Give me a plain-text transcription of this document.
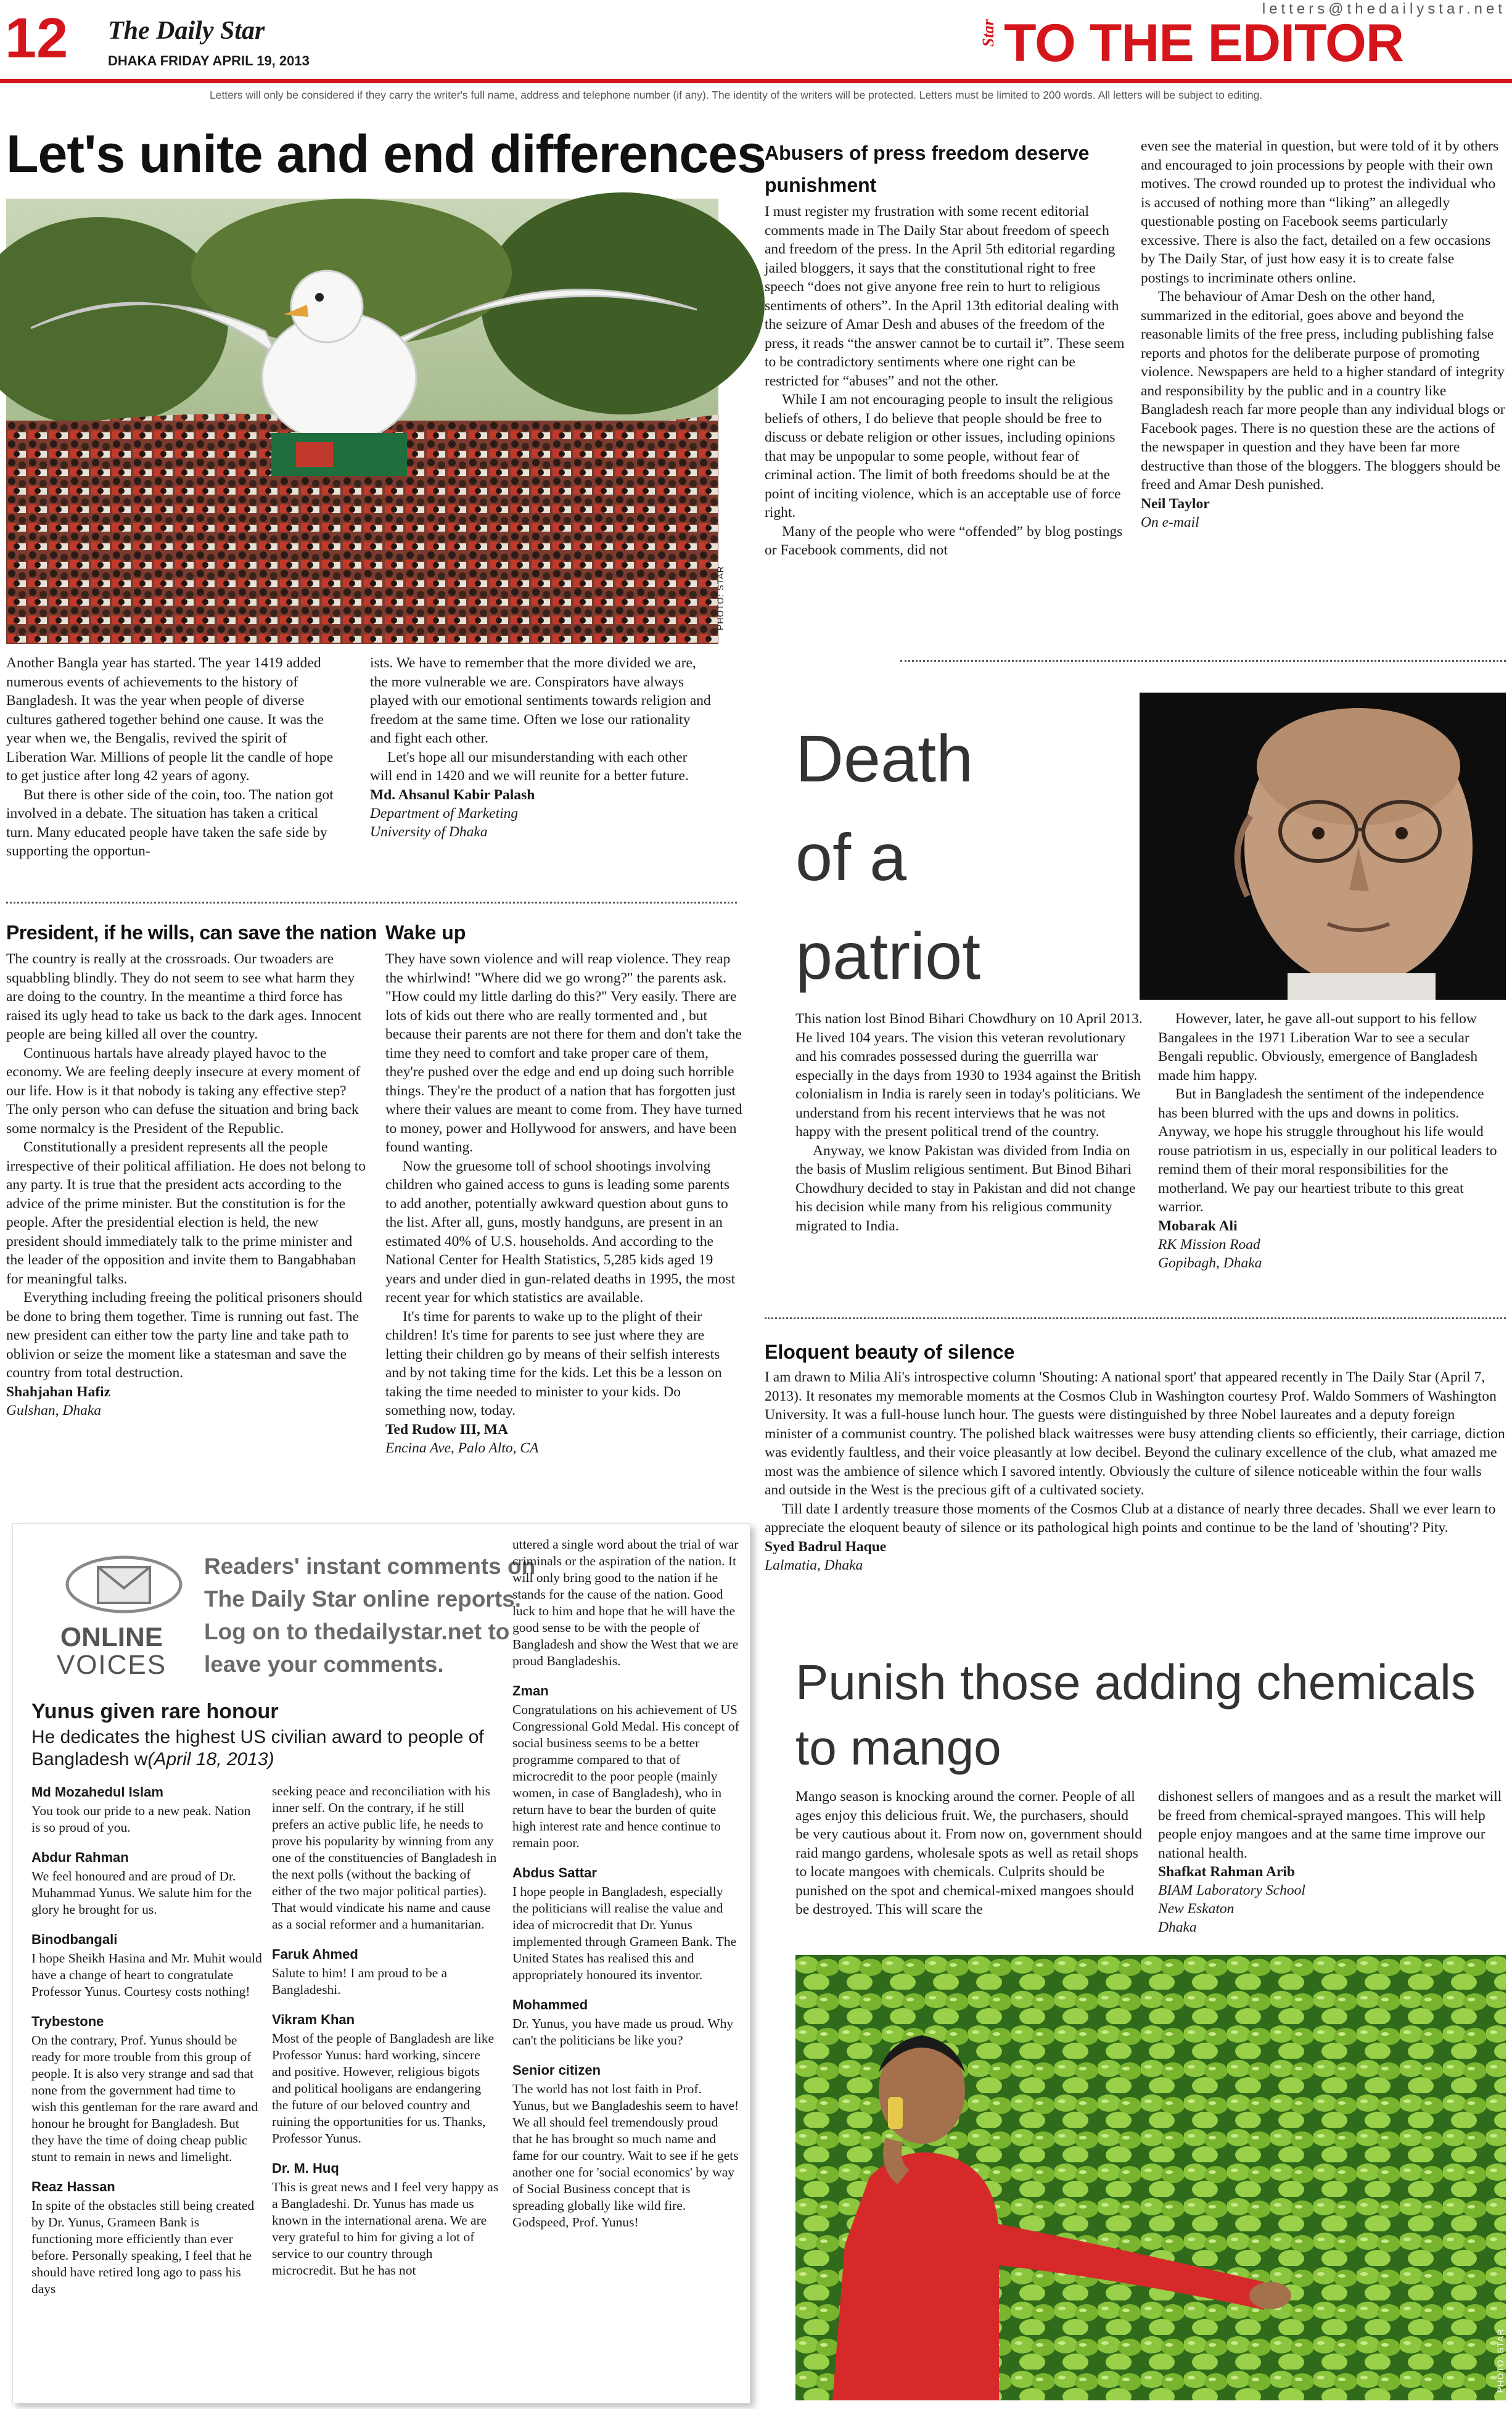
12 The Daily Star
DHAKA FRIDAY APRIL 19, 2013
letters@thedailystar.net
Star TO THE EDITOR
Letters will only be considered if they carry the writer's full name, address and telephone number (if any). The identity of the writers will be protected. Letters must be limited to 200 words. All letters will be subject to editing.
Let's unite and end differences
PHOTO: STAR

Another Bangla year has started. The year 1419 added numerous events of achievements to the history of Bangladesh. It was the year when people of diverse cultures gathered together behind one cause. It was the year when we, the Bengalis, revived the spirit of Liberation War. Millions of people lit the candle of hope to get justice after long 42 years of agony.

But there is other side of the coin, too. The nation got involved in a debate. The situation has taken a critical turn. Many educated people have taken the safe side by supporting the opportun-

ists. We have to remember that the more divided we are, the more vulnerable we are. Conspirators have always played with our emotional sentiments towards religion and freedom at the same time. Often we lose our rationality and fight each other.

Let's hope all our misunderstanding with each other will end in 1420 and we will reunite for a better future.

Md. Ahsanul Kabir Palash
Department of Marketing
University of Dhaka
President, if he wills, can save the nation

The country is really at the crossroads. Our twoaders are squabbling blindly. They do not seem to see what harm they are doing to the country. In the meantime a third force has raised its ugly head to take us back to the dark ages. Innocent people are being killed all over the country.

Continuous hartals have already played havoc to the economy. We are feeling deeply insecure at every moment of our life. How is it that nobody is taking any effective step? The only person who can defuse the situation and bring back some normalcy is the President of the Republic.

Constitutionally a president represents all the people irrespective of their political affiliation. He does not belong to any party. It is true that the president acts according to the advice of the prime minister. But the constitution is for the people. After the presidential election is held, the new president should immediately talk to the prime minister and the leader of the opposition and invite them to Bangabhaban for meaningful talks.

Everything including freeing the political prisoners should be done to bring them together. Time is running out fast. The new president can either tow the party line and take path to oblivion or seize the moment like a statesman and save the country from total destruction.

Shahjahan Hafiz
Gulshan, Dhaka
Wake up

They have sown violence and will reap violence. They reap the whirlwind! "Where did we go wrong?" the parents ask. "How could my little darling do this?" Very easily. There are lots of kids out there who are really tormented and , but because their parents are not there for them and don't take the time they need to comfort and take proper care of them, they're pushed over the edge and end up doing such horrible things. They're the product of a nation that has forgotten just where their values are meant to come from. They have turned to money, power and Hollywood for answers, and have been found wanting.

Now the gruesome toll of school shootings involving children who gained access to guns is leading some parents to add another, potentially awkward question about guns to the list. After all, guns, mostly handguns, are present in an estimated 40% of U.S. households. And according to the National Center for Health Statistics, 5,285 kids aged 19 years and under died in gun-related deaths in 1995, the most recent year for which statistics are available.

It's time for parents to wake up to the plight of their children! It's time for parents to see just where they are letting their children go by means of their selfish interests and by not taking time for the kids. Let this be a lesson on taking the time needed to minister to your kids. Do something now, today.

Ted Rudow III, MA
Encina Ave, Palo Alto, CA
Abusers of press freedom deserve punishment

I must register my frustration with some recent editorial comments made in The Daily Star about freedom of speech and freedom of the press. In the April 5th editorial regarding jailed bloggers, it says that the constitutional right to free speech “does not give anyone free rein to hurt to religious sentiments of others”. In the April 13th editorial dealing with the seizure of Amar Desh and abuses of the freedom of the press, it reads “the answer cannot be to curtail it”. These seem to be contradictory sentiments where one right can be restricted for “abuses” and not the other.

While I am not encouraging people to insult the religious beliefs of others, I do believe that people should be free to discuss or debate religion or other issues, including opinions that may be unpopular to some people, without fear of criminal action. The limit of both freedoms should be at the point of inciting violence, which is an acceptable use of force right.

Many of the people who were “offended” by blog postings or Facebook comments, did not

even see the material in question, but were told of it by others and encouraged to join processions by people with their own motives. The crowd rounded up to protest the individual who is accused of nothing more than “liking” an allegedly questionable posting on Facebook seems particularly excessive. There is also the fact, detailed on a few occasions by The Daily Star, of just how easy it is to create false postings to incriminate others online.

The behaviour of Amar Desh on the other hand, summarized in the editorial, goes above and beyond the reasonable limits of the free press, including publishing false reports and photos for the deliberate purpose of promoting violence. Newspapers are held to a higher standard of integrity and responsibility by the public and in a country like Bangladesh reach far more people than any individual blogs or Facebook pages. There is no question these are the actions of the newspaper in question and they have been far more destructive than those of the bloggers. The bloggers should be freed and Amar Desh punished.

Neil Taylor
On e-mail
Death
of a
patriot

This nation lost Binod Bihari Chowdhury on 10 April 2013. He lived 104 years. The vision this veteran revolutionary and his comrades possessed during the guerrilla war especially in the days from 1930 to 1934 against the British colonialism in India is rarely seen in today's politicians. We understand from his recent interviews that he was not happy with the present political trend of the country.

Anyway, we know Pakistan was divided from India on the basis of Muslim religious sentiment. But Binod Bihari Chowdhury decided to stay in Pakistan and did not change his decision while many from his religious community migrated to India.

However, later, he gave all-out support to his fellow Bangalees in the 1971 Liberation War to see a secular Bengali republic. Obviously, emergence of Bangladesh made him happy.

But in Bangladesh the sentiment of the independence has been blurred with the ups and downs in politics. Anyway, we hope his struggle throughout his life would rouse patriotism in us, especially in our political leaders to remind them of their moral responsibilities for the motherland. We pay our heartiest tribute to this great warrior.

Mobarak Ali
RK Mission Road
Gopibagh, Dhaka
Eloquent beauty of silence

I am drawn to Milia Ali's introspective column 'Shouting: A national sport' that appeared recently in The Daily Star (April 7, 2013). It resonates my memorable moments at the Cosmos Club in Washington courtesy Prof. Waldo Sommers of Washington University. It was a full-house lunch hour. The guests were distinguished by three Nobel laureates and a deputy foreign minister of a communist country. The polished black waitresses were busy attending clients so efficiently, their carriage, diction was evidently faultless, and their voice pleasantly at low decibel. Beyond the culinary excellence of the club, what amazed me most was the ambience of silence which I savored intently. Obviously the culture of silence noticeable within the four walls and outside in the West is the precious gift of a cultivated society.

Till date I ardently treasure those moments of the Cosmos Club at a distance of nearly three decades. Shall we ever learn to appreciate the eloquent beauty of silence or its pathological high points and continue to be the land of 'shouting'? Pity.

Syed Badrul Haque
Lalmatia, Dhaka
ONLINE
VOICES
Readers' instant comments on
The Daily Star online reports.
Log on to thedailystar.net to
leave your comments.
Yunus given rare honour
He dedicates the highest US civilian award to people of Bangladesh w(April 18, 2013)
Md Mozahedul Islam

You took our pride to a new peak. Nation is so proud of you.

Abdur Rahman

We feel honoured and are proud of Dr. Muhammad Yunus. We salute him for the glory he brought for us.

Binodbangali

I hope Sheikh Hasina and Mr. Muhit would have a change of heart to congratulate Professor Yunus. Courtesy costs nothing!

Trybestone

On the contrary, Prof. Yunus should be ready for more trouble from this group of people. It is also very strange and sad that none from the government had time to wish this gentleman for the rare award and honour he brought for Bangladesh. But they have the time of doing cheap public stunt to remain in news and limelight.

Reaz Hassan

In spite of the obstacles still being created by Dr. Yunus, Grameen Bank is functioning more efficiently than ever before. Personally speaking, I feel that he should have retired long ago to pass his days

seeking peace and reconciliation with his inner self. On the contrary, if he still prefers an active public life, he needs to prove his popularity by winning from any one of the constituencies of Bangladesh in the next polls (without the backing of either of the two major political parties). That would vindicate his name and cause as a social reformer and a humanitarian.

Faruk Ahmed

Salute to him! I am proud to be a Bangladeshi.

Vikram Khan

Most of the people of Bangladesh are like Professor Yunus: hard working, sincere and positive. However, religious bigots and political hooligans are endangering the future of our beloved country and ruining the opportunities for us. Thanks, Professor Yunus.

Dr. M. Huq

This is great news and I feel very happy as a Bangladeshi. Dr. Yunus has made us known in the international arena. We are very grateful to him for giving a lot of service to our country through microcredit. But he has not

uttered a single word about the trial of war criminals or the aspiration of the nation. It will only bring good to the nation if he stands for the cause of the nation. Good luck to him and hope that he will have the good sense to be with the people of Bangladesh and show the West that we are proud Bangladeshis.

Zman

Congratulations on his achievement of US Congressional Gold Medal. His concept of social business seems to be a better programme compared to that of microcredit to the poor people (mainly women, in case of Bangladesh), who in return have to bear the burden of quite high interest rate and hence continue to remain poor.

Abdus Sattar

I hope people in Bangladesh, especially the politicians will realise the value and idea of microcredit that Dr. Yunus implemented through Grameen Bank. The United States has realised this and appropriately honoured its inventor.

Mohammed

Dr. Yunus, you have made us proud. Why can't the politicians be like you?

Senior citizen

The world has not lost faith in Prof. Yunus, but we Bangladeshis seem to have! We all should feel tremendously proud that he has brought so much name and fame for our country. Wait to see if he gets another one for 'social economics' by way of Social Business concept that is spreading globally like wild fire. Godspeed, Prof. Yunus!

Punish those adding chemicals
to mango

Mango season is knocking around the corner. People of all ages enjoy this delicious fruit. We, the purchasers, should be very cautious about it. From now on, government should raid mango gardens, wholesale spots as well as retail shops to locate mangoes with chemicals. Culprits should be punished on the spot and chemical-mixed mangoes should be destroyed. This will scare the

dishonest sellers of mangoes and as a result the market will be freed from chemical-sprayed mangoes. This will help people enjoy mangoes and at the same time improve our national health.

Shafkat Rahman Arib
BIAM Laboratory School
New Eskaton
Dhaka
PHOTO: STAR
